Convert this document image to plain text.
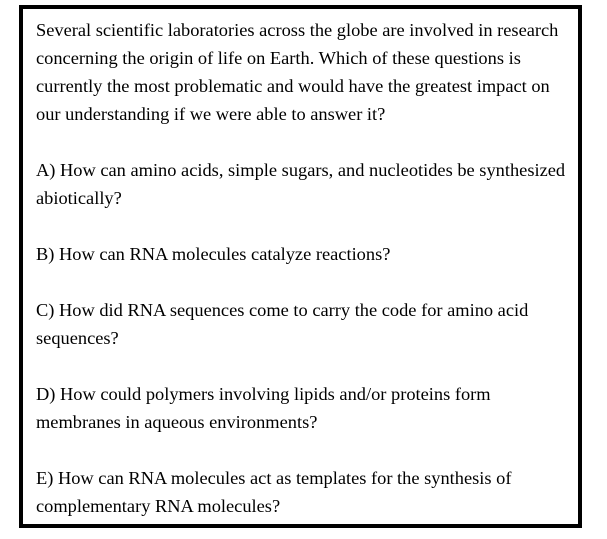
Several scientific laboratories across the globe are involved in research concerning the origin of life on Earth. Which of these questions is currently the most problematic and would have the greatest impact on our understanding if we were able to answer it?

A) How can amino acids, simple sugars, and nucleotides be synthesized abiotically?

B) How can RNA molecules catalyze reactions?

C) How did RNA sequences come to carry the code for amino acid sequences?

D) How could polymers involving lipids and/or proteins form membranes in aqueous environments?

E) How can RNA molecules act as templates for the synthesis of complementary RNA molecules?
